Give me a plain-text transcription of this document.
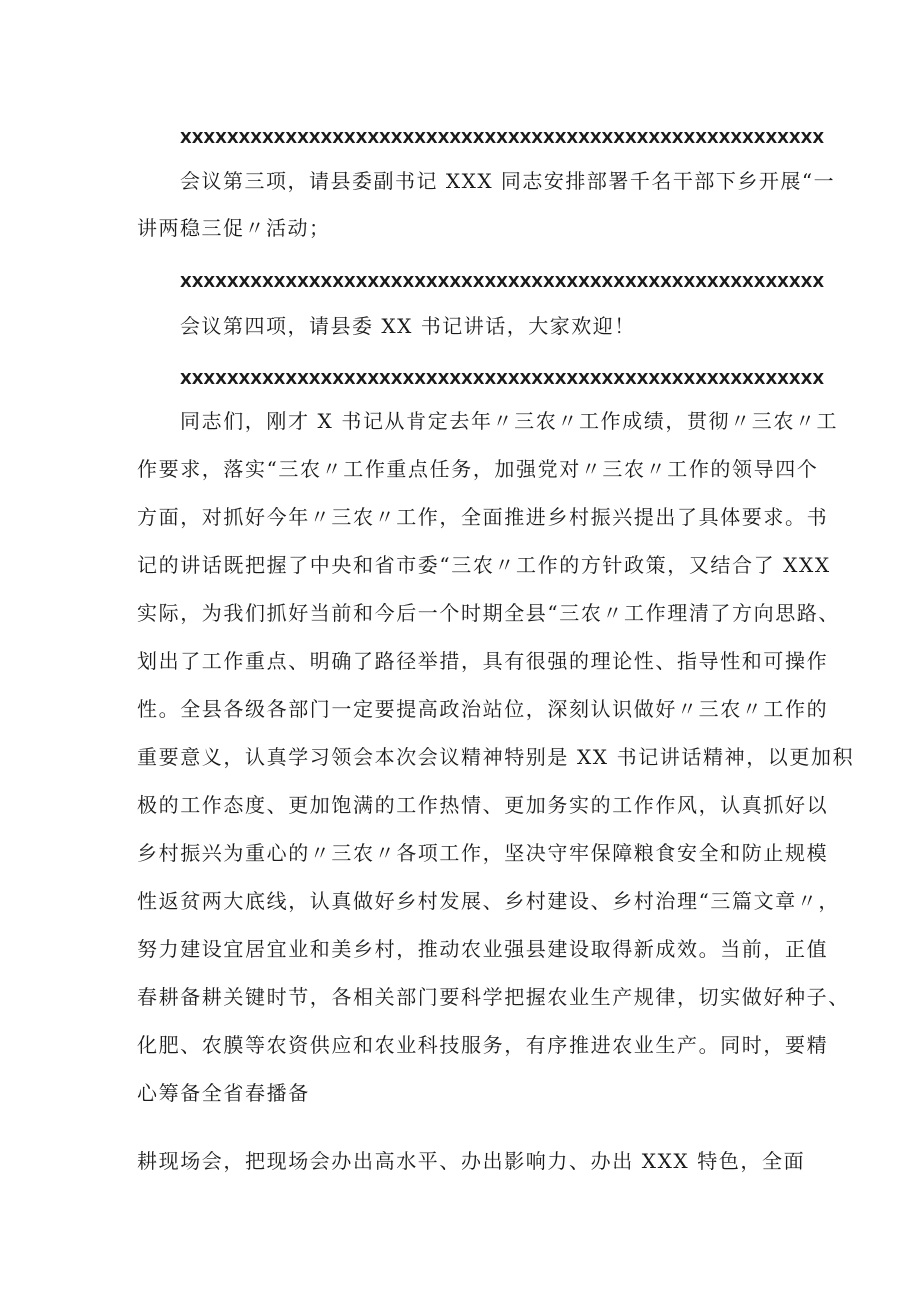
XXXXXXXXXXXXXXXXXXXXXXXXXXXXXXXXXXXXXXXXXXXXXXXXXXXXXXX
会议第三项，请县委副书记 XXX 同志安排部署千名干部下乡开展“一
讲两稳三促〃活动；
XXXXXXXXXXXXXXXXXXXXXXXXXXXXXXXXXXXXXXXXXXXXXXXXXXXXXXX
会议第四项，请县委 XX 书记讲话，大家欢迎！
XXXXXXXXXXXXXXXXXXXXXXXXXXXXXXXXXXXXXXXXXXXXXXXXXXXXXXX
同志们，刚才 X 书记从肯定去年〃三农〃工作成绩，贯彻〃三农〃工
作要求，落实“三农〃工作重点任务，加强党对〃三农〃工作的领导四个
方面，对抓好今年〃三农〃工作，全面推进乡村振兴提出了具体要求。书
记的讲话既把握了中央和省市委“三农〃工作的方针政策，又结合了 XXX
实际，为我们抓好当前和今后一个时期全县“三农〃工作理清了方向思路、
划出了工作重点、明确了路径举措，具有很强的理论性、指导性和可操作
性。全县各级各部门一定要提高政治站位，深刻认识做好〃三农〃工作的
重要意义，认真学习领会本次会议精神特别是 XX 书记讲话精神，以更加积
极的工作态度、更加饱满的工作热情、更加务实的工作作风，认真抓好以
乡村振兴为重心的〃三农〃各项工作，坚决守牢保障粮食安全和防止规模
性返贫两大底线，认真做好乡村发展、乡村建设、乡村治理“三篇文章〃，
努力建设宜居宜业和美乡村，推动农业强县建设取得新成效。当前，正值
春耕备耕关键时节，各相关部门要科学把握农业生产规律，切实做好种子、
化肥、农膜等农资供应和农业科技服务，有序推进农业生产。同时，要精
心筹备全省春播备
耕现场会，把现场会办出高水平、办出影响力、办出 XXX 特色，全面
